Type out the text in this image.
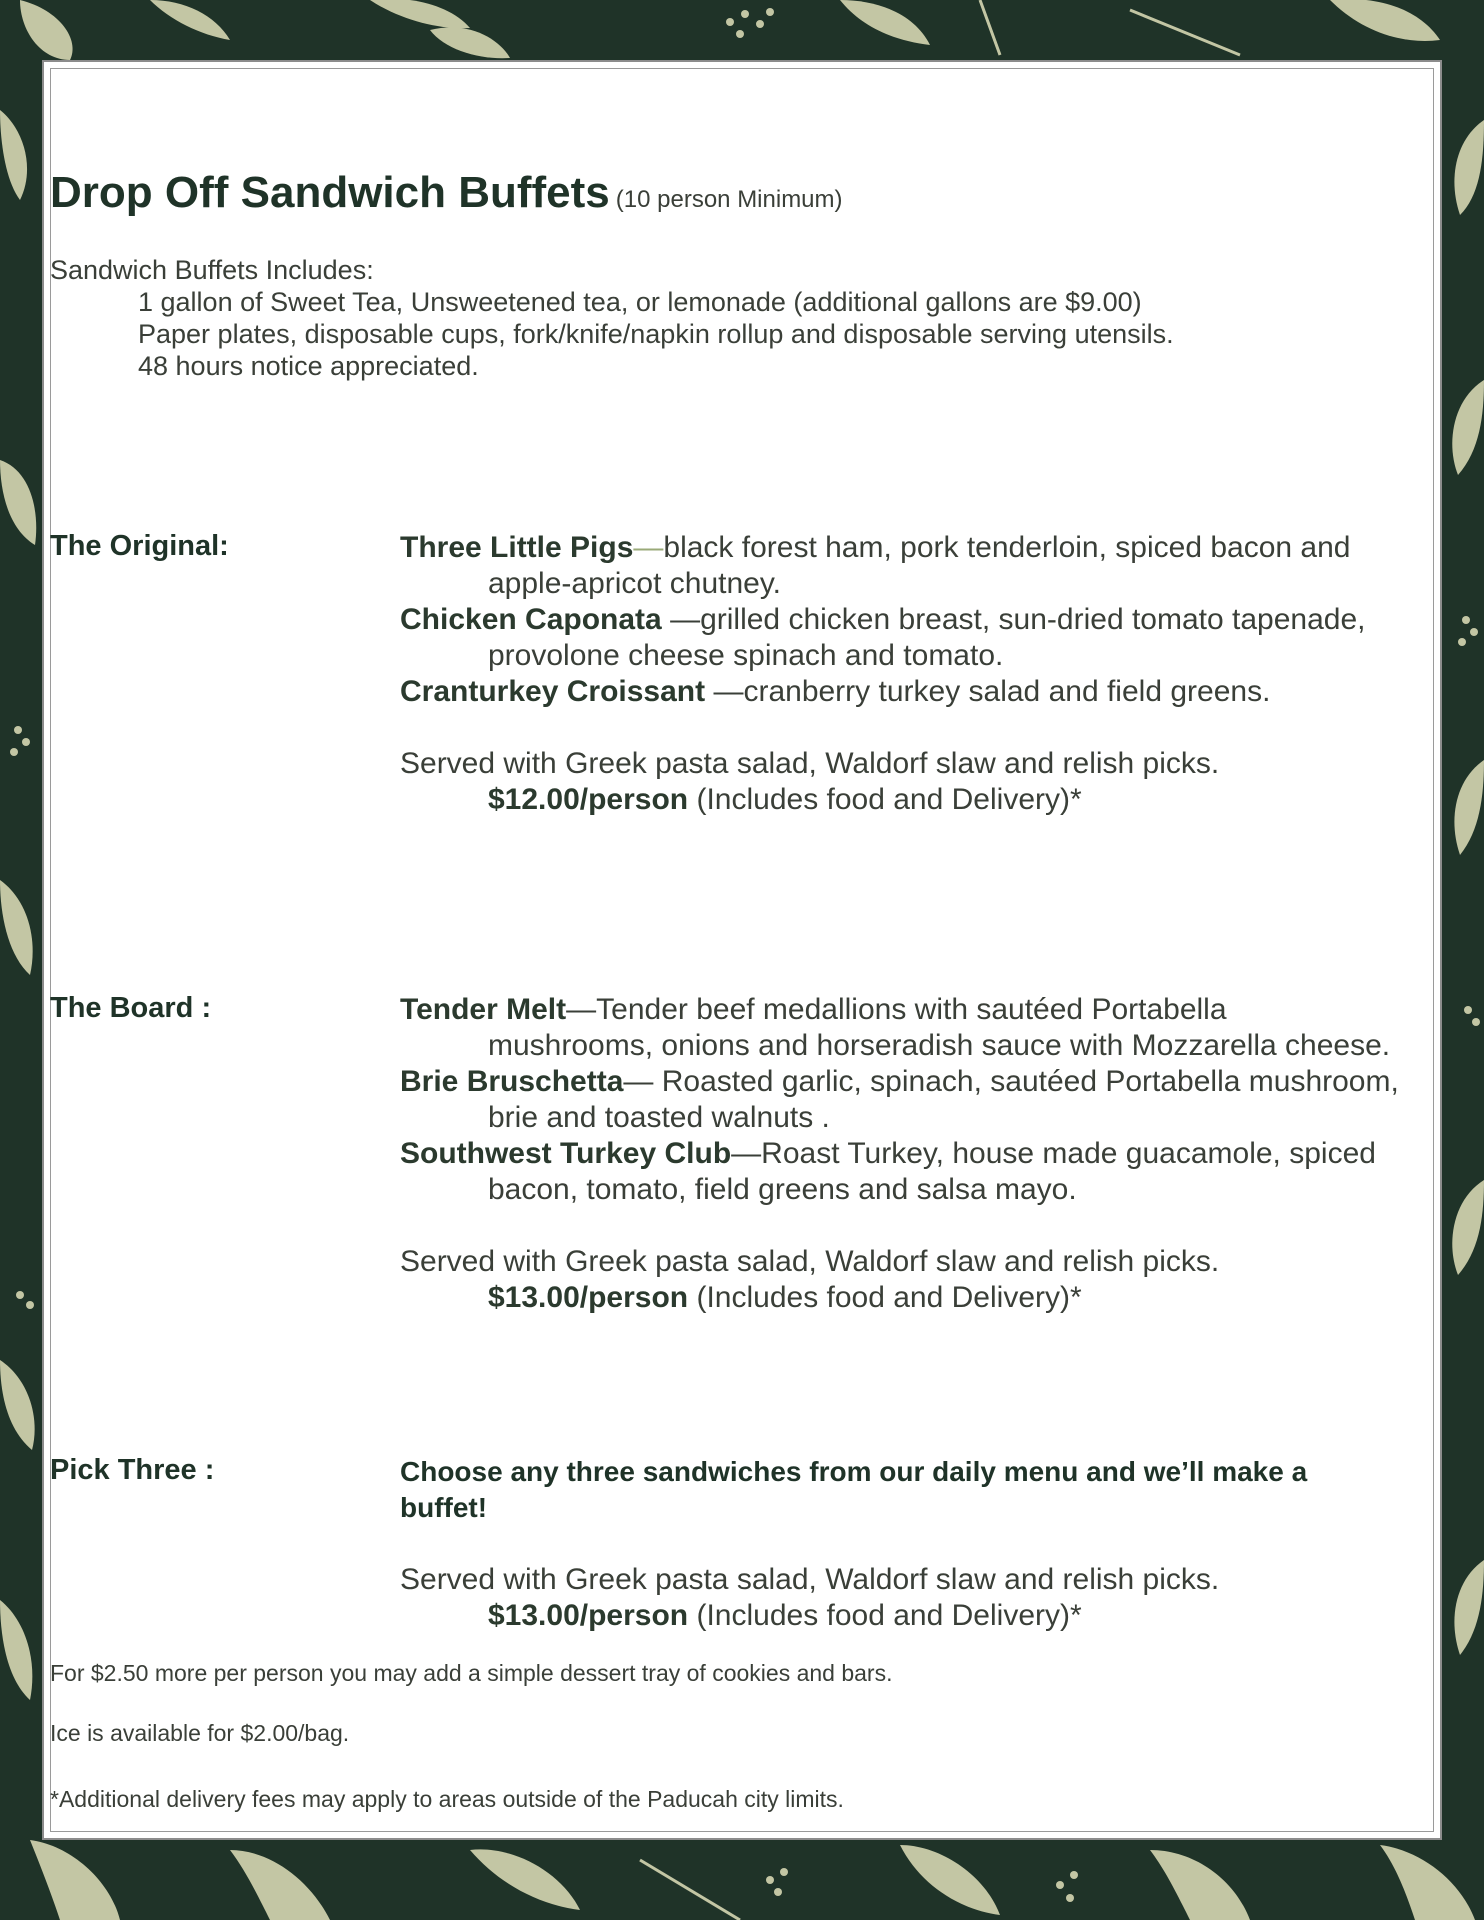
Drop Off Sandwich Buffets (10 person Minimum)
Sandwich Buffets Includes:
1 gallon of Sweet Tea, Unsweetened tea, or lemonade (additional gallons are $9.00)
Paper plates, disposable cups, fork/knife/napkin rollup and disposable serving utensils.
48 hours notice appreciated.
The Original:	Three Little Pigs—black forest ham, pork tenderloin, spiced bacon and
apple-apricot chutney.
Chicken Caponata —grilled chicken breast, sun-dried tomato tapenade,
provolone cheese spinach and tomato.
Cranturkey Croissant —cranberry turkey salad and field greens.
Served with Greek pasta salad, Waldorf slaw and relish picks.
$12.00/person (Includes food and Delivery)*
The Board :	Tender Melt—Tender beef medallions with sautéed Portabella
mushrooms, onions and horseradish sauce with Mozzarella cheese.
Brie Bruschetta— Roasted garlic, spinach, sautéed Portabella mushroom,
brie and toasted walnuts .
Southwest Turkey Club—Roast Turkey, house made guacamole, spiced
bacon, tomato, field greens and salsa mayo.
Served with Greek pasta salad, Waldorf slaw and relish picks.
$13.00/person (Includes food and Delivery)*
Pick Three :	Choose any three sandwiches from our daily menu and we’ll make a
buffet!
Served with Greek pasta salad, Waldorf slaw and relish picks.
$13.00/person (Includes food and Delivery)*
For $2.50 more per person you may add a simple dessert tray of cookies and bars.
Ice is available for $2.00/bag.
*Additional delivery fees may apply to areas outside of the Paducah city limits.
